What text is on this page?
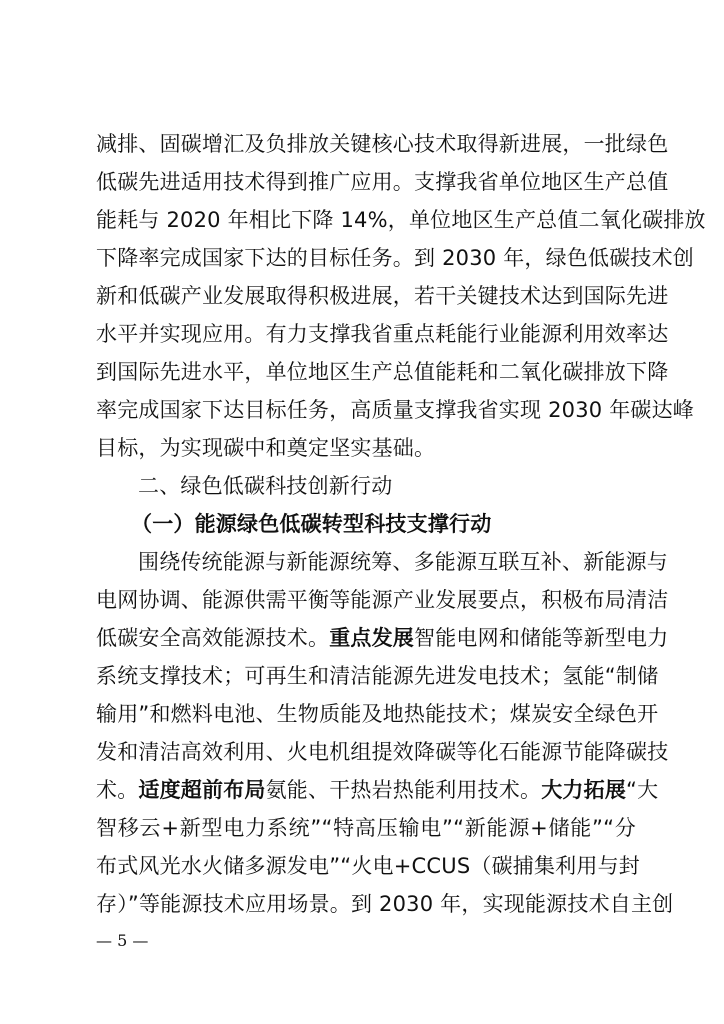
减排、固碳增汇及负排放关键核心技术取得新进展，一批绿色
低碳先进适用技术得到推广应用。支撑我省单位地区生产总值
能耗与 2020 年相比下降 14%，单位地区生产总值二氧化碳排放
下降率完成国家下达的目标任务。到 2030 年，绿色低碳技术创
新和低碳产业发展取得积极进展，若干关键技术达到国际先进
水平并实现应用。有力支撑我省重点耗能行业能源利用效率达
到国际先进水平，单位地区生产总值能耗和二氧化碳排放下降
率完成国家下达目标任务，高质量支撑我省实现 2030 年碳达峰
目标，为实现碳中和奠定坚实基础。
二、绿色低碳科技创新行动
（一）能源绿色低碳转型科技支撑行动
围绕传统能源与新能源统筹、多能源互联互补、新能源与
电网协调、能源供需平衡等能源产业发展要点，积极布局清洁
低碳安全高效能源技术。重点发展智能电网和储能等新型电力
系统支撑技术；可再生和清洁能源先进发电技术；氢能“制储
输用”和燃料电池、生物质能及地热能技术；煤炭安全绿色开
发和清洁高效利用、火电机组提效降碳等化石能源节能降碳技
术。适度超前布局氨能、干热岩热能利用技术。大力拓展“大
智移云+新型电力系统”“特高压输电”“新能源+储能”“分
布式风光水火储多源发电”“火电+CCUS（碳捕集利用与封
存）”等能源技术应用场景。到 2030 年，实现能源技术自主创
— 5 —
